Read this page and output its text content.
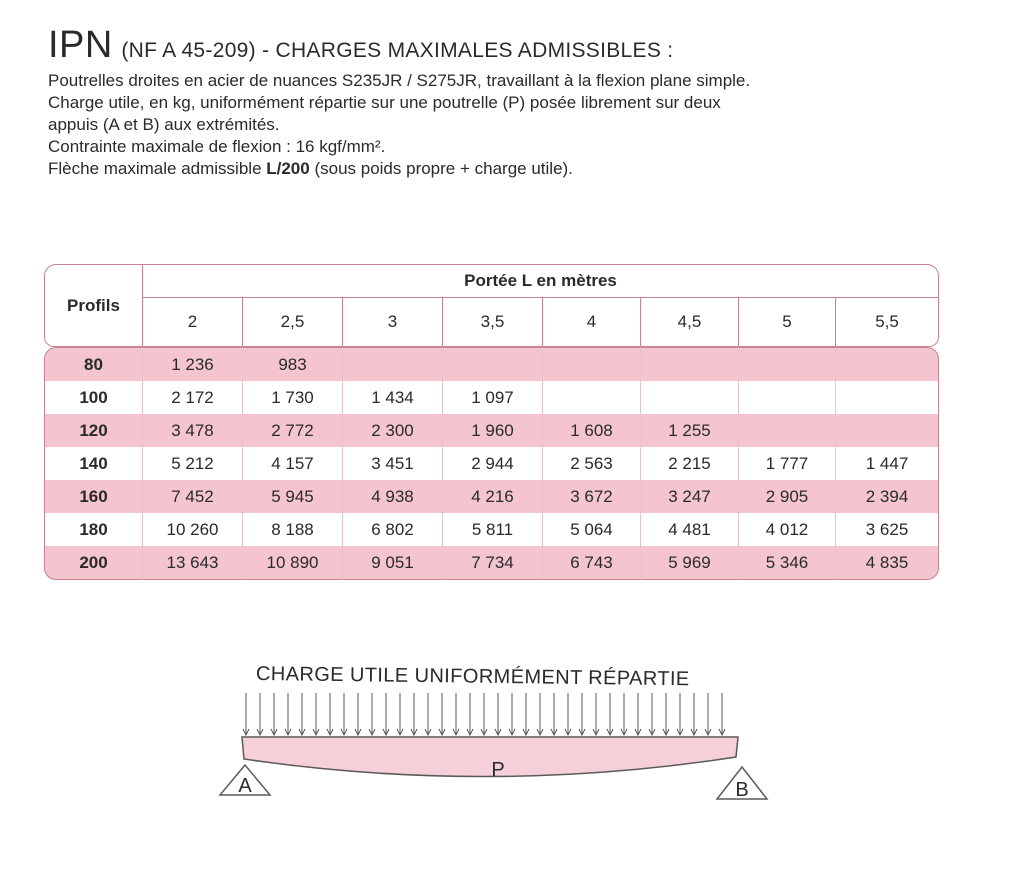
IPN (NF A 45-209) - CHARGES MAXIMALES ADMISSIBLES :

Poutrelles droites en acier de nuances S235JR / S275JR, travaillant à la flexion plane simple.

Charge utile, en kg, uniformément répartie sur une poutrelle (P) posée librement sur deux

appuis (A et B) aux extrémités.

Contrainte maximale de flexion : 16 kgf/mm².

Flèche maximale admissible L/200 (sous poids propre + charge utile).

Profils	Portée L en mètres							
	2	2,5	3	3,5	4	4,5	5	5,5
80	1 236	983						
100	2 172	1 730	1 434	1 097				
120	3 478	2 772	2 300	1 960	1 608	1 255		
140	5 212	4 157	3 451	2 944	2 563	2 215	1 777	1 447
160	7 452	5 945	4 938	4 216	3 672	3 247	2 905	2 394
180	10 260	8 188	6 802	5 811	5 064	4 481	4 012	3 625
200	13 643	10 890	9 051	7 734	6 743	5 969	5 346	4 835
CHARGE UTILE UNIFORMÉMENT RÉPARTIE
P
A	B
